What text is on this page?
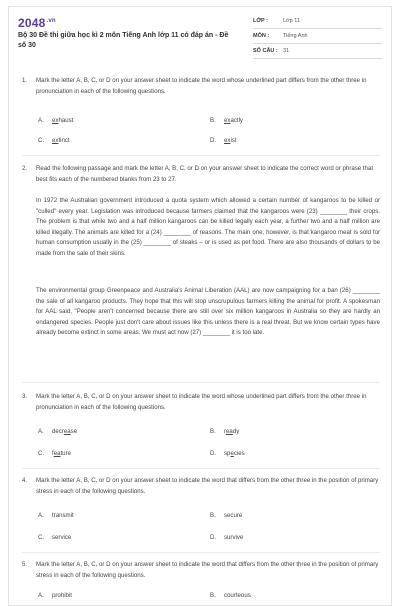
$2048^{.vn}$
Bộ 30 Đề thi giữa học kì 2 môn Tiếng Anh lớp 11 có đáp án - Đề số 30
LỚP :	Lớp 11
MÔN :	Tiếng Anh
SỐ CÂU : 31
1.	Mark the letter A, B, C, or D on your answer sheet to indicate the word whose underlined part differs from the other three in pronunciation in each of the following questions.
A. exhaust	B. exactly
C. extinct	D. exist
2.	Read the following passage and mark the letter A, B, C, or D on your answer sheet to indicate the correct word or phrase that best fits each of the numbered blanks from 23 to 27.
In 1972 the Australian government introduced a quota system which allowed a certain number of kangaroos to be killed or "culled" every year. Legislation was introduced because farmers claimed that the kangaroos were (23) ________ their crops. The problem is that while two and a half million kangaroos can be killed legally each year, a further two and a half million are killed illegally. The animals are killed for a (24) ________ of reasons. The main one, however, is that kangaroo meat is sold for human consumption usually in the (25) ________ of steaks – or is used as pet food. There are also thousands of dollars to be made from the sale of their skins.
The environmental group Greenpeace and Australia's Animal Liberation (AAL) are now campaigning for a ban (26) ________ the sale of all kangaroo products. They hope that this will stop unscrupulous farmers killing the animal for profit. A spokesman for AAL said, "People aren't concerned because there are still over six million kangaroos in Australia so they are hardly an endangered species. People just don't care about issues like this unless there is a real threat. But we know certain types have already become extinct in some areas. We must act now (27) ________ it is too late.
3.	Mark the letter A, B, C, or D on your answer sheet to indicate the word whose underlined part differs from the other three in pronunciation in each of the following questions.
A. decrease	B. ready
C. feature	D. species
4.	Mark the letter A, B, C, or D on your answer sheet to indicate the word that differs from the other three in the position of primary stress in each of the following questions.
A. transmit	B. secure
C. service	D. survive
5.	Mark the letter A, B, C, or D on your answer sheet to indicate the word that differs from the other three in the position of primary stress in each of the following questions.
A. prohibit	B. courteous
